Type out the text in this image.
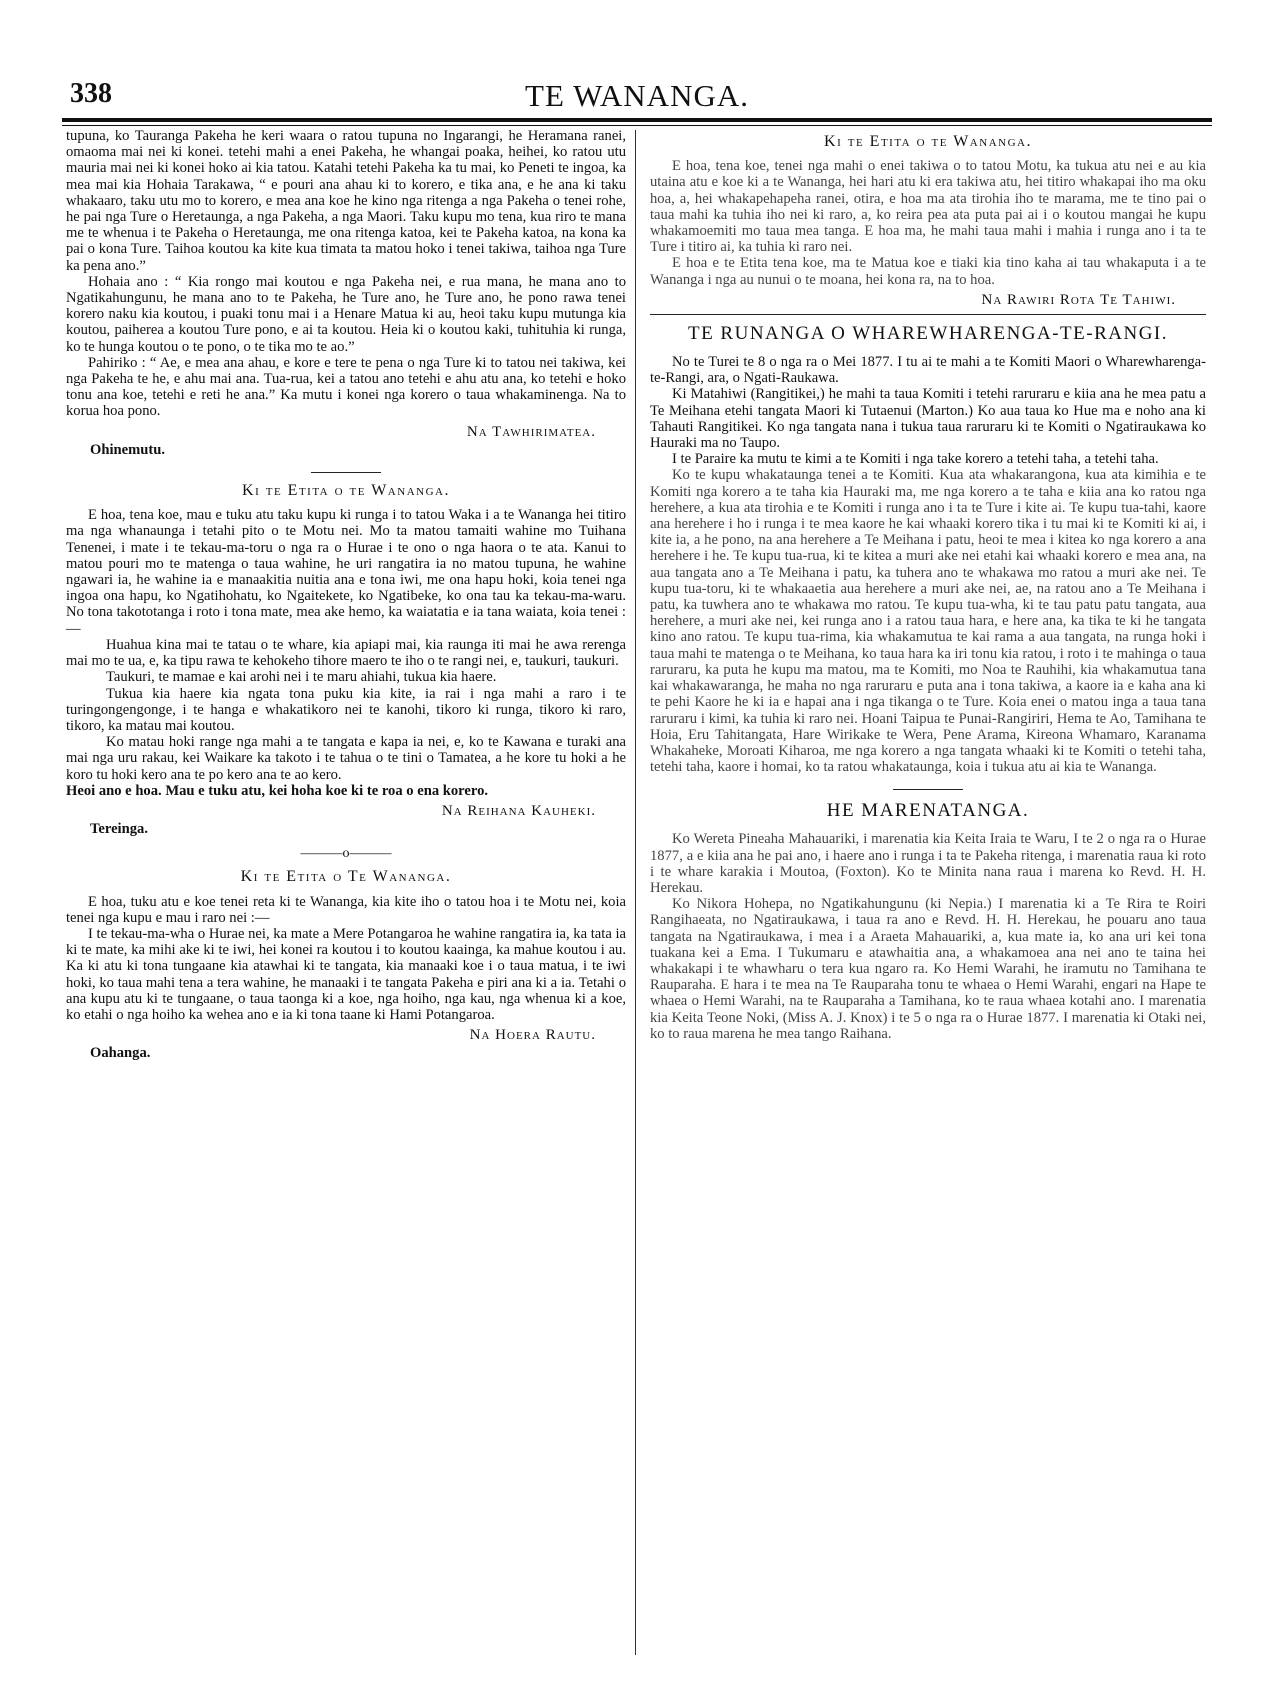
338	TE WANANGA.

tupuna, ko Tauranga Pakeha he keri waara o ratou tupuna no Ingarangi, he Heramana ranei, omaoma mai nei ki konei. tetehi mahi a enei Pakeha, he whangai poaka, heihei, ko ratou utu mauria mai nei ki konei hoko ai kia tatou. Katahi tetehi Pakeha ka tu mai, ko Peneti te ingoa, ka mea mai kia Hohaia Tarakawa, “ e pouri ana ahau ki to korero, e tika ana, e he ana ki taku whakaaro, taku utu mo to korero, e mea ana koe he kino nga ritenga a nga Pakeha o tenei rohe, he pai nga Ture o Heretaunga, a nga Pakeha, a nga Maori. Taku kupu mo tena, kua riro te mana me te whenua i te Pakeha o Heretaunga, me ona ritenga katoa, kei te Pakeha katoa, na kona ka pai o kona Ture. Taihoa koutou ka kite kua timata ta matou hoko i tenei takiwa, taihoa nga Ture ka pena ano.”

Hohaia ano : “ Kia rongo mai koutou e nga Pakeha nei, e rua mana, he mana ano to Ngatikahungunu, he mana ano to te Pakeha, he Ture ano, he Ture ano, he pono rawa tenei korero naku kia koutou, i puaki tonu mai i a Henare Matua ki au, heoi taku kupu mutunga kia koutou, paiherea a koutou Ture pono, e ai ta koutou. Heia ki o koutou kaki, tuhituhia ki runga, ko te hunga koutou o te pono, o te tika mo te ao.”

Pahiriko : “ Ae, e mea ana ahau, e kore e tere te pena o nga Ture ki to tatou nei takiwa, kei nga Pakeha te he, e ahu mai ana. Tua-rua, kei a tatou ano tetehi e ahu atu ana, ko tetehi e hoko tonu ana koe, tetehi e reti he ana.” Ka mutu i konei nga korero o taua whakaminenga. Na to korua hoa pono.

Na Tawhirimatea.
Ohinemutu.
Ki te Etita o te Wananga.

E hoa, tena koe, mau e tuku atu taku kupu ki runga i to tatou Waka i a te Wananga hei titiro ma nga whanaunga i tetahi pito o te Motu nei. Mo ta matou tamaiti wahine mo Tuihana Tenenei, i mate i te tekau-ma-toru o nga ra o Hurae i te ono o nga haora o te ata. Kanui to matou pouri mo te matenga o taua wahine, he uri rangatira ia no matou tupuna, he wahine ngawari ia, he wahine ia e manaakitia nuitia ana e tona iwi, me ona hapu hoki, koia tenei nga ingoa ona hapu, ko Ngatihohatu, ko Ngaitekete, ko Ngatibeke, ko ona tau ka tekau-ma-waru. No tona takototanga i roto i tona mate, mea ake hemo, ka waiatatia e ia tana waiata, koia tenei :—

Huahua kina mai te tatau o te whare, kia apiapi mai, kia raunga iti mai he awa rerenga mai mo te ua, e, ka tipu rawa te kehokeho tihore maero te iho o te rangi nei, e, taukuri, taukuri.

Taukuri, te mamae e kai arohi nei i te maru ahiahi, tukua kia haere.

Tukua kia haere kia ngata tona puku kia kite, ia rai i nga mahi a raro i te turingongengonge, i te hanga e whakatikoro nei te kanohi, tikoro ki runga, tikoro ki raro, tikoro, ka matau mai koutou.

Ko matau hoki range nga mahi a te tangata e kapa ia nei, e, ko te Kawana e turaki ana mai nga uru rakau, kei Waikare ka takoto i te tahua o te tini o Tamatea, a he kore tu hoki a he koro tu hoki kero ana te po kero ana te ao kero.

Heoi ano e hoa. Mau e tuku atu, kei hoha koe ki te roa o ena korero.

Na Reihana Kauheki.
Tereinga.
———o———
Ki te Etita o Te Wananga.

E hoa, tuku atu e koe tenei reta ki te Wananga, kia kite iho o tatou hoa i te Motu nei, koia tenei nga kupu e mau i raro nei :—

I te tekau-ma-wha o Hurae nei, ka mate a Mere Potangaroa he wahine rangatira ia, ka tata ia ki te mate, ka mihi ake ki te iwi, hei konei ra koutou i to koutou kaainga, ka mahue koutou i au. Ka ki atu ki tona tungaane kia atawhai ki te tangata, kia manaaki koe i o taua matua, i te iwi hoki, ko taua mahi tena a tera wahine, he manaaki i te tangata Pakeha e piri ana ki a ia. Tetahi o ana kupu atu ki te tungaane, o taua taonga ki a koe, nga hoiho, nga kau, nga whenua ki a koe, ko etahi o nga hoiho ka wehea ano e ia ki tona taane ki Hami Potangaroa.

Na Hoera Rautu.
Oahanga.
Ki te Etita o te Wananga.

E hoa, tena koe, tenei nga mahi o enei takiwa o to tatou Motu, ka tukua atu nei e au kia utaina atu e koe ki a te Wananga, hei hari atu ki era takiwa atu, hei titiro whakapai iho ma oku hoa, a, hei whakapehapeha ranei, otira, e hoa ma ata tirohia iho te marama, me te tino pai o taua mahi ka tuhia iho nei ki raro, a, ko reira pea ata puta pai ai i o koutou mangai he kupu whakamoemiti mo taua mea tanga. E hoa ma, he mahi taua mahi i mahia i runga ano i ta te Ture i titiro ai, ka tuhia ki raro nei.

E hoa e te Etita tena koe, ma te Matua koe e tiaki kia tino kaha ai tau whakaputa i a te Wananga i nga au nunui o te moana, hei kona ra, na to hoa.

Na Rawiri Rota Te Tahiwi.
TE RUNANGA O WHAREWHARENGA-TE-RANGI.

No te Turei te 8 o nga ra o Mei 1877. I tu ai te mahi a te Komiti Maori o Wharewharenga-te-Rangi, ara, o Ngati-Raukawa.

Ki Matahiwi (Rangitikei,) he mahi ta taua Komiti i tetehi raruraru e kiia ana he mea patu a Te Meihana etehi tangata Maori ki Tutaenui (Marton.) Ko aua taua ko Hue ma e noho ana ki Tahauti Rangitikei. Ko nga tangata nana i tukua taua raruraru ki te Komiti o Ngatiraukawa ko Hauraki ma no Taupo.

I te Paraire ka mutu te kimi a te Komiti i nga take korero a tetehi taha, a tetehi taha.

Ko te kupu whakataunga tenei a te Komiti. Kua ata whakarangona, kua ata kimihia e te Komiti nga korero a te taha kia Hauraki ma, me nga korero a te taha e kiia ana ko ratou nga herehere, a kua ata tirohia e te Komiti i runga ano i ta te Ture i kite ai. Te kupu tua-tahi, kaore ana herehere i ho i runga i te mea kaore he kai whaaki korero tika i tu mai ki te Komiti ki ai, i kite ia, a he pono, na ana herehere a Te Meihana i patu, heoi te mea i kitea ko nga korero a ana herehere i he. Te kupu tua-rua, ki te kitea a muri ake nei etahi kai whaaki korero e mea ana, na aua tangata ano a Te Meihana i patu, ka tuhera ano te whakawa mo ratou a muri ake nei. Te kupu tua-toru, ki te whakaaetia aua herehere a muri ake nei, ae, na ratou ano a Te Meihana i patu, ka tuwhera ano te whakawa mo ratou. Te kupu tua-wha, ki te tau patu patu tangata, aua herehere, a muri ake nei, kei runga ano i a ratou taua hara, e here ana, ka tika te ki he tangata kino ano ratou. Te kupu tua-rima, kia whakamutua te kai rama a aua tangata, na runga hoki i taua mahi te matenga o te Meihana, ko taua hara ka iri tonu kia ratou, i roto i te mahinga o taua raruraru, ka puta he kupu ma matou, ma te Komiti, mo Noa te Rauhihi, kia whakamutua tana kai whakawaranga, he maha no nga raruraru e puta ana i tona takiwa, a kaore ia e kaha ana ki te pehi Kaore he ki ia e hapai ana i nga tikanga o te Ture. Koia enei o matou inga a taua tana raruraru i kimi, ka tuhia ki raro nei. Hoani Taipua te Punai-Rangiriri, Hema te Ao, Tamihana te Hoia, Eru Tahitangata, Hare Wirikake te Wera, Pene Arama, Kireona Whamaro, Karanama Whakaheke, Moroati Kiharoa, me nga korero a nga tangata whaaki ki te Komiti o tetehi taha, tetehi taha, kaore i homai, ko ta ratou whakataunga, koia i tukua atu ai kia te Wananga.

HE MARENATANGA.

Ko Wereta Pineaha Mahauariki, i marenatia kia Keita Iraia te Waru, I te 2 o nga ra o Hurae 1877, a e kiia ana he pai ano, i haere ano i runga i ta te Pakeha ritenga, i marenatia raua ki roto i te whare karakia i Moutoa, (Foxton). Ko te Minita nana raua i marena ko Revd. H. H. Herekau.

Ko Nikora Hohepa, no Ngatikahungunu (ki Nepia.) I marenatia ki a Te Rira te Roiri Rangihaeata, no Ngatiraukawa, i taua ra ano e Revd. H. H. Herekau, he pouaru ano taua tangata na Ngatiraukawa, i mea i a Araeta Mahauariki, a, kua mate ia, ko ana uri kei tona tuakana kei a Ema. I Tukumaru e atawhaitia ana, a whakamoea ana nei ano te taina hei whakakapi i te whawharu o tera kua ngaro ra. Ko Hemi Warahi, he iramutu no Tamihana te Rauparaha. E hara i te mea na Te Rauparaha tonu te whaea o Hemi Warahi, engari na Hape te whaea o Hemi Warahi, na te Rauparaha a Tamihana, ko te raua whaea kotahi ano. I marenatia kia Keita Teone Noki, (Miss A. J. Knox) i te 5 o nga ra o Hurae 1877. I marenatia ki Otaki nei, ko to raua marena he mea tango Raihana.
